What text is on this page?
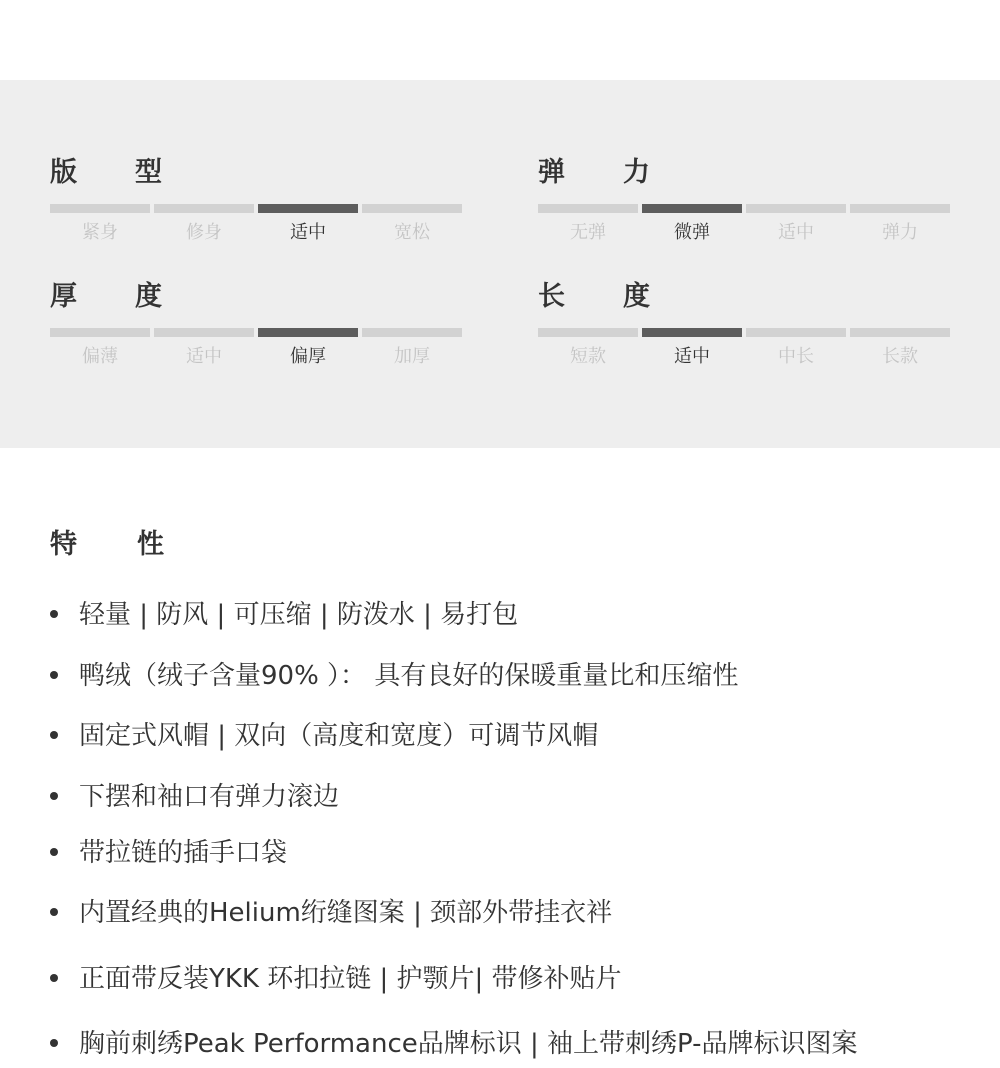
版 型
紧身	修身	适中	宽松
弹 力
无弹	微弹	适中	弹力
厚 度
偏薄	适中	偏厚	加厚
长 度
短款	适中	中长	长款
特 性
轻量 | 防风 | 可压缩 | 防泼水 | 易打包
鸭绒（绒子含量90% ）： 具有良好的保暖重量比和压缩性
固定式风帽 | 双向（高度和宽度）可调节风帽
下摆和袖口有弹力滚边
带拉链的插手口袋
内置经典的Helium绗缝图案 | 颈部外带挂衣袢
正面带反装YKK 环扣拉链 | 护颚片| 带修补贴片
胸前刺绣Peak Performance品牌标识 | 袖上带刺绣P-品牌标识图案
